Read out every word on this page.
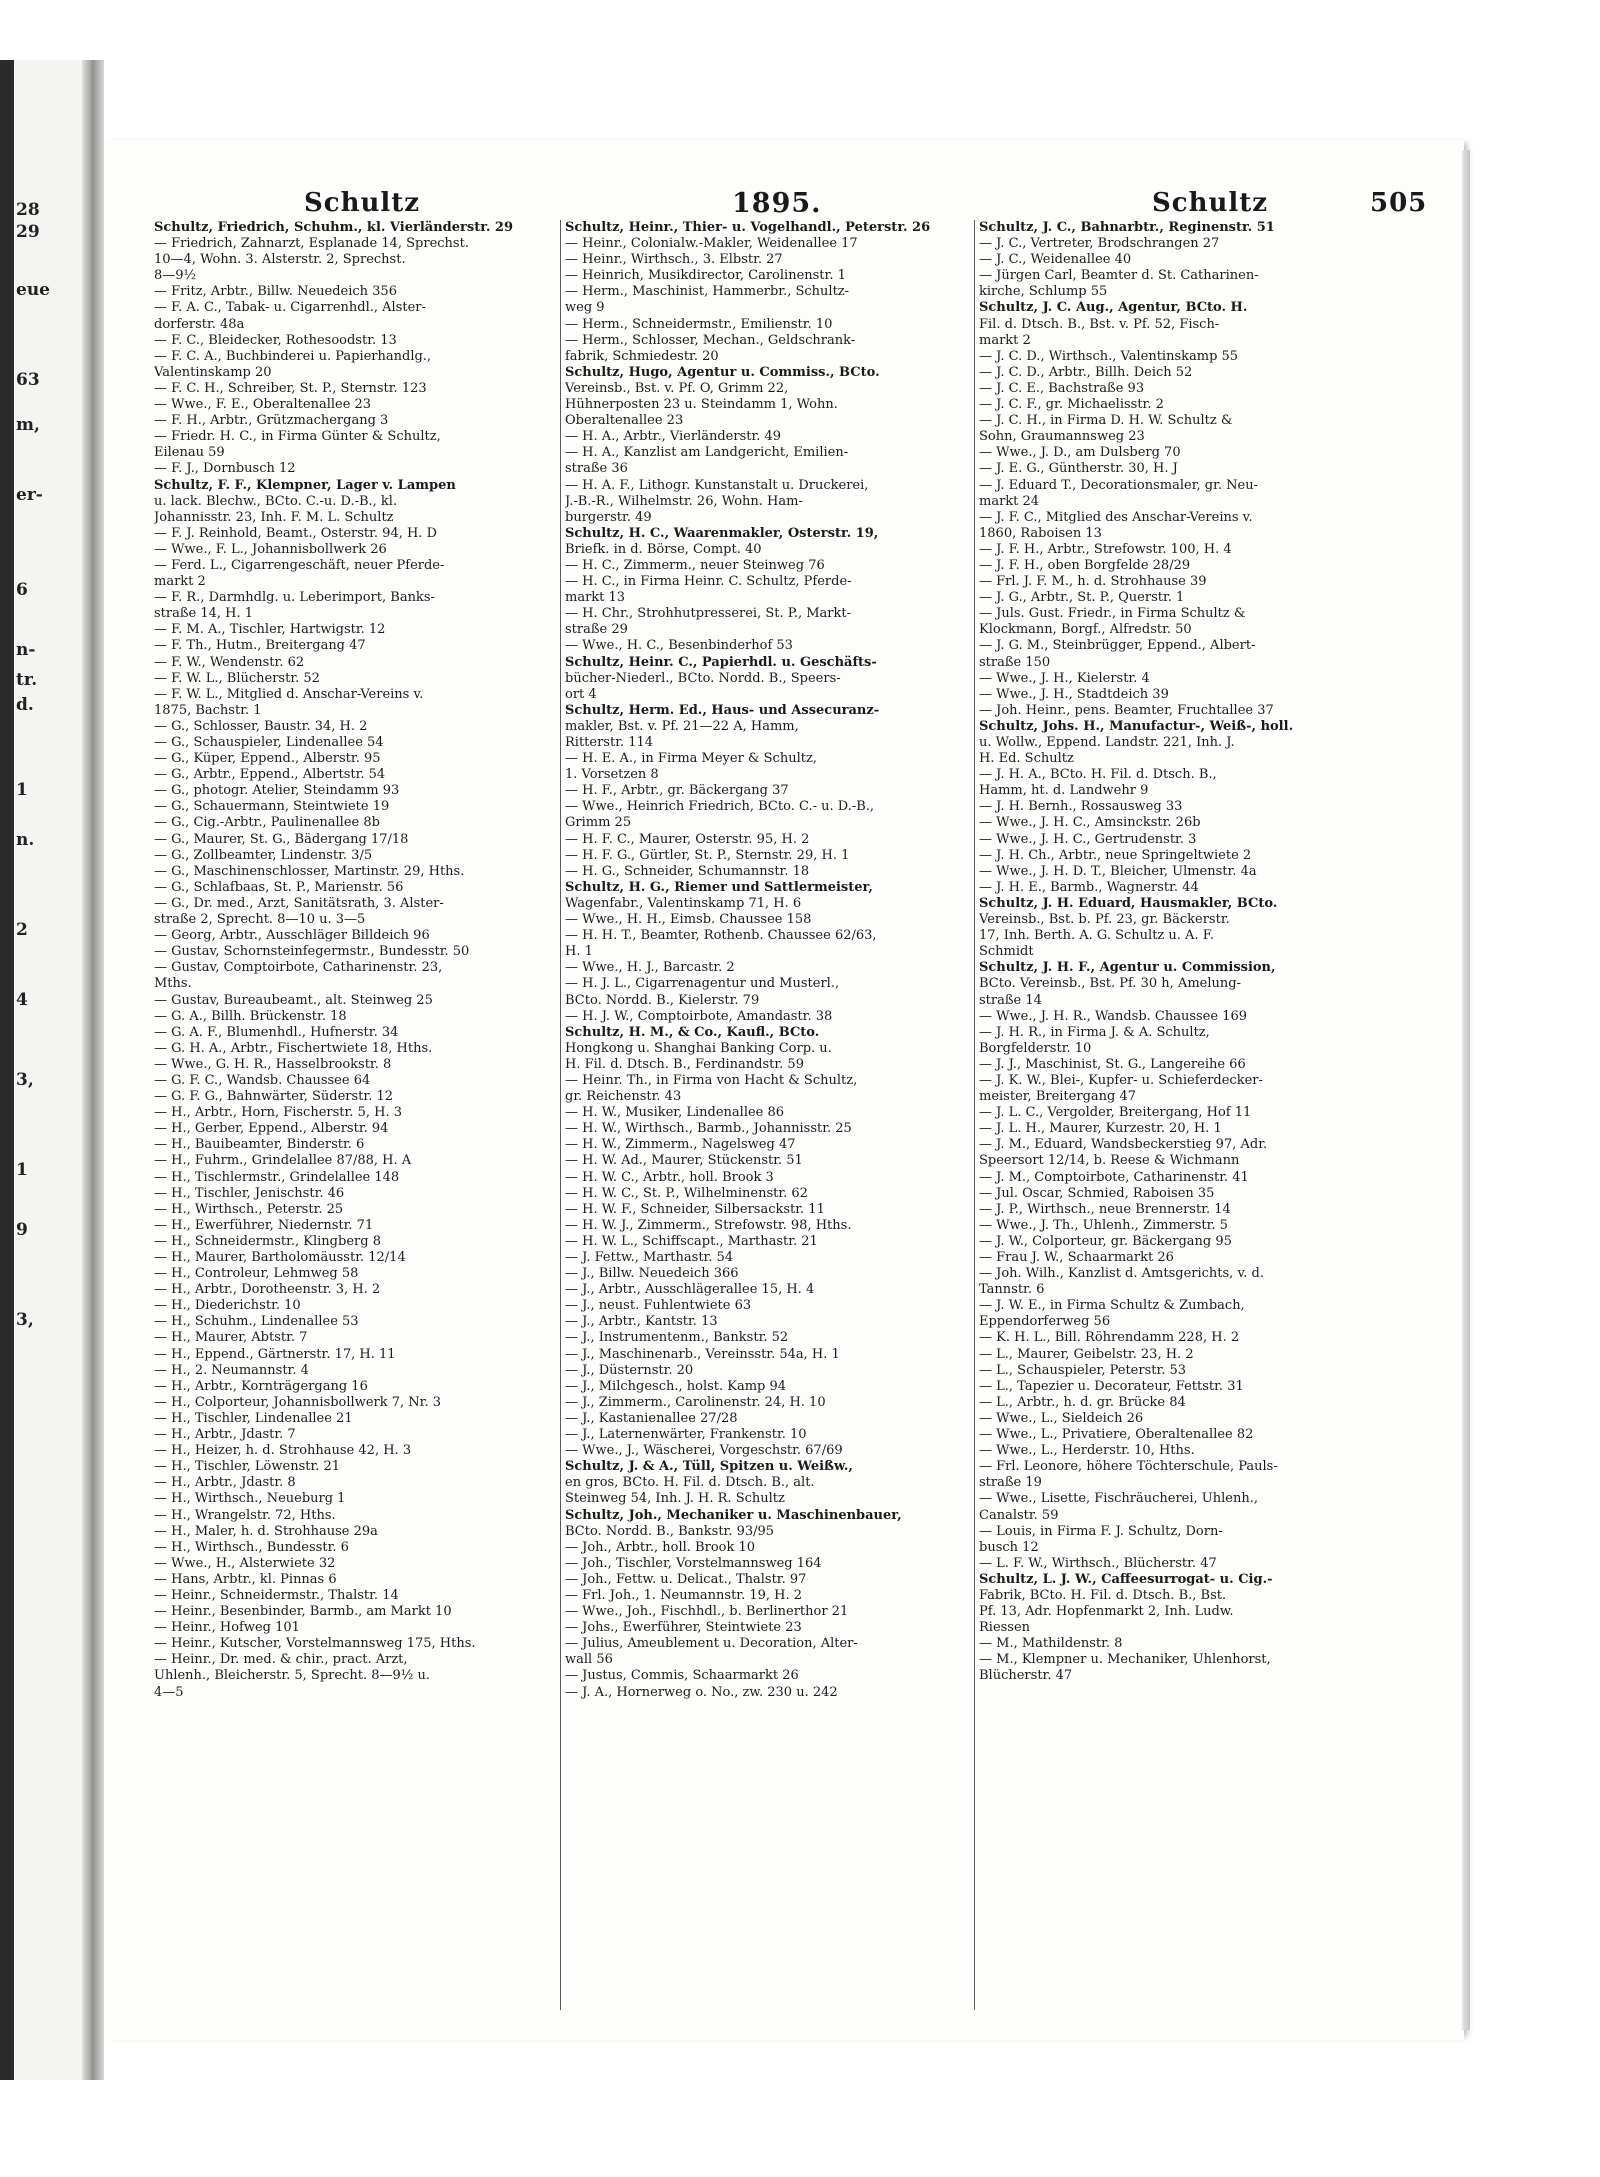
28
29
eue
63
m,
er-
6
n-
tr.
d.
1
n.
2
4
3,
1
9
3,
Schultz	1895.	Schultz	505
Schultz, Friedrich, Schuhm., kl. Vierländerstr. 29
— Friedrich, Zahnarzt, Esplanade 14, Sprechst.
10—4, Wohn. 3. Alsterstr. 2, Sprechst.
8—9½
— Fritz, Arbtr., Billw. Neuedeich 356
— F. A. C., Tabak- u. Cigarrenhdl., Alster-
dorferstr. 48a
— F. C., Bleidecker, Rothesoodstr. 13
— F. C. A., Buchbinderei u. Papierhandlg.,
Valentinskamp 20
— F. C. H., Schreiber, St. P., Sternstr. 123
— Wwe., F. E., Oberaltenallee 23
— F. H., Arbtr., Grützmachergang 3
— Friedr. H. C., in Firma Günter & Schultz,
Eilenau 59
— F. J., Dornbusch 12
Schultz, F. F., Klempner, Lager v. Lampen
u. lack. Blechw., BCto. C.-u. D.-B., kl.
Johannisstr. 23, Inh. F. M. L. Schultz
— F. J. Reinhold, Beamt., Osterstr. 94, H. D
— Wwe., F. L., Johannisbollwerk 26
— Ferd. L., Cigarrengeschäft, neuer Pferde-
markt 2
— F. R., Darmhdlg. u. Leberimport, Banks-
straße 14, H. 1
— F. M. A., Tischler, Hartwigstr. 12
— F. Th., Hutm., Breitergang 47
— F. W., Wendenstr. 62
— F. W. L., Blücherstr. 52
— F. W. L., Mitglied d. Anschar-Vereins v.
1875, Bachstr. 1
— G., Schlosser, Baustr. 34, H. 2
— G., Schauspieler, Lindenallee 54
— G., Küper, Eppend., Alberstr. 95
— G., Arbtr., Eppend., Albertstr. 54
— G., photogr. Atelier, Steindamm 93
— G., Schauermann, Steintwiete 19
— G., Cig.-Arbtr., Paulinenallee 8b
— G., Maurer, St. G., Bädergang 17/18
— G., Zollbeamter, Lindenstr. 3/5
— G., Maschinenschlosser, Martinstr. 29, Hths.
— G., Schlafbaas, St. P., Marienstr. 56
— G., Dr. med., Arzt, Sanitätsrath, 3. Alster-
straße 2, Sprecht. 8—10 u. 3—5
— Georg, Arbtr., Ausschläger Billdeich 96
— Gustav, Schornsteinfegermstr., Bundesstr. 50
— Gustav, Comptoirbote, Catharinenstr. 23,
Mths.
— Gustav, Bureaubeamt., alt. Steinweg 25
— G. A., Billh. Brückenstr. 18
— G. A. F., Blumenhdl., Hufnerstr. 34
— G. H. A., Arbtr., Fischertwiete 18, Hths.
— Wwe., G. H. R., Hasselbrookstr. 8
— G. F. C., Wandsb. Chaussee 64
— G. F. G., Bahnwärter, Süderstr. 12
— H., Arbtr., Horn, Fischerstr. 5, H. 3
— H., Gerber, Eppend., Alberstr. 94
— H., Bauibeamter, Binderstr. 6
— H., Fuhrm., Grindelallee 87/88, H. A
— H., Tischlermstr., Grindelallee 148
— H., Tischler, Jenischstr. 46
— H., Wirthsch., Peterstr. 25
— H., Ewerführer, Niedernstr. 71
— H., Schneidermstr., Klingberg 8
— H., Maurer, Bartholomäusstr. 12/14
— H., Controleur, Lehmweg 58
— H., Arbtr., Dorotheenstr. 3, H. 2
— H., Diederichstr. 10
— H., Schuhm., Lindenallee 53
— H., Maurer, Abtstr. 7
— H., Eppend., Gärtnerstr. 17, H. 11
— H., 2. Neumannstr. 4
— H., Arbtr., Kornträgergang 16
— H., Colporteur, Johannisbollwerk 7, Nr. 3
— H., Tischler, Lindenallee 21
— H., Arbtr., Jdastr. 7
— H., Heizer, h. d. Strohhause 42, H. 3
— H., Tischler, Löwenstr. 21
— H., Arbtr., Jdastr. 8
— H., Wirthsch., Neueburg 1
— H., Wrangelstr. 72, Hths.
— H., Maler, h. d. Strohhause 29a
— H., Wirthsch., Bundesstr. 6
— Wwe., H., Alsterwiete 32
— Hans, Arbtr., kl. Pinnas 6
— Heinr., Schneidermstr., Thalstr. 14
— Heinr., Besenbinder, Barmb., am Markt 10
— Heinr., Hofweg 101
— Heinr., Kutscher, Vorstelmannsweg 175, Hths.
— Heinr., Dr. med. & chir., pract. Arzt,
Uhlenh., Bleicherstr. 5, Sprecht. 8—9½ u.
4—5
Schultz, Heinr., Thier- u. Vogelhandl., Peterstr. 26
— Heinr., Colonialw.-Makler, Weidenallee 17
— Heinr., Wirthsch., 3. Elbstr. 27
— Heinrich, Musikdirector, Carolinenstr. 1
— Herm., Maschinist, Hammerbr., Schultz-
weg 9
— Herm., Schneidermstr., Emilienstr. 10
— Herm., Schlosser, Mechan., Geldschrank-
fabrik, Schmiedestr. 20
Schultz, Hugo, Agentur u. Commiss., BCto.
Vereinsb., Bst. v. Pf. O, Grimm 22,
Hühnerposten 23 u. Steindamm 1, Wohn.
Oberaltenallee 23
— H. A., Arbtr., Vierländerstr. 49
— H. A., Kanzlist am Landgericht, Emilien-
straße 36
— H. A. F., Lithogr. Kunstanstalt u. Druckerei,
J.-B.-R., Wilhelmstr. 26, Wohn. Ham-
burgerstr. 49
Schultz, H. C., Waarenmakler, Osterstr. 19,
Briefk. in d. Börse, Compt. 40
— H. C., Zimmerm., neuer Steinweg 76
— H. C., in Firma Heinr. C. Schultz, Pferde-
markt 13
— H. Chr., Strohhutpresserei, St. P., Markt-
straße 29
— Wwe., H. C., Besenbinderhof 53
Schultz, Heinr. C., Papierhdl. u. Geschäfts-
bücher-Niederl., BCto. Nordd. B., Speers-
ort 4
Schultz, Herm. Ed., Haus- und Assecuranz-
makler, Bst. v. Pf. 21—22 A, Hamm,
Ritterstr. 114
— H. E. A., in Firma Meyer & Schultz,
1. Vorsetzen 8
— H. F., Arbtr., gr. Bäckergang 37
— Wwe., Heinrich Friedrich, BCto. C.- u. D.-B.,
Grimm 25
— H. F. C., Maurer, Osterstr. 95, H. 2
— H. F. G., Gürtler, St. P., Sternstr. 29, H. 1
— H. G., Schneider, Schumannstr. 18
Schultz, H. G., Riemer und Sattlermeister,
Wagenfabr., Valentinskamp 71, H. 6
— Wwe., H. H., Eimsb. Chaussee 158
— H. H. T., Beamter, Rothenb. Chaussee 62/63,
H. 1
— Wwe., H. J., Barcastr. 2
— H. J. L., Cigarrenagentur und Musterl.,
BCto. Nordd. B., Kielerstr. 79
— H. J. W., Comptoirbote, Amandastr. 38
Schultz, H. M., & Co., Kaufl., BCto.
Hongkong u. Shanghai Banking Corp. u.
H. Fil. d. Dtsch. B., Ferdinandstr. 59
— Heinr. Th., in Firma von Hacht & Schultz,
gr. Reichenstr. 43
— H. W., Musiker, Lindenallee 86
— H. W., Wirthsch., Barmb., Johannisstr. 25
— H. W., Zimmerm., Nagelsweg 47
— H. W. Ad., Maurer, Stückenstr. 51
— H. W. C., Arbtr., holl. Brook 3
— H. W. C., St. P., Wilhelminenstr. 62
— H. W. F., Schneider, Silbersackstr. 11
— H. W. J., Zimmerm., Strefowstr. 98, Hths.
— H. W. L., Schiffscapt., Marthastr. 21
— J. Fettw., Marthastr. 54
— J., Billw. Neuedeich 366
— J., Arbtr., Ausschlägerallee 15, H. 4
— J., neust. Fuhlentwiete 63
— J., Arbtr., Kantstr. 13
— J., Instrumentenm., Bankstr. 52
— J., Maschinenarb., Vereinsstr. 54a, H. 1
— J., Düsternstr. 20
— J., Milchgesch., holst. Kamp 94
— J., Zimmerm., Carolinenstr. 24, H. 10
— J., Kastanienallee 27/28
— J., Laternenwärter, Frankenstr. 10
— Wwe., J., Wäscherei, Vorgeschstr. 67/69
Schultz, J. & A., Tüll, Spitzen u. Weißw.,
en gros, BCto. H. Fil. d. Dtsch. B., alt.
Steinweg 54, Inh. J. H. R. Schultz
Schultz, Joh., Mechaniker u. Maschinenbauer,
BCto. Nordd. B., Bankstr. 93/95
— Joh., Arbtr., holl. Brook 10
— Joh., Tischler, Vorstelmannsweg 164
— Joh., Fettw. u. Delicat., Thalstr. 97
— Frl. Joh., 1. Neumannstr. 19, H. 2
— Wwe., Joh., Fischhdl., b. Berlinerthor 21
— Johs., Ewerführer, Steintwiete 23
— Julius, Ameublement u. Decoration, Alter-
wall 56
— Justus, Commis, Schaarmarkt 26
— J. A., Hornerweg o. No., zw. 230 u. 242
Schultz, J. C., Bahnarbtr., Reginenstr. 51
— J. C., Vertreter, Brodschrangen 27
— J. C., Weidenallee 40
— Jürgen Carl, Beamter d. St. Catharinen-
kirche, Schlump 55
Schultz, J. C. Aug., Agentur, BCto. H.
Fil. d. Dtsch. B., Bst. v. Pf. 52, Fisch-
markt 2
— J. C. D., Wirthsch., Valentinskamp 55
— J. C. D., Arbtr., Billh. Deich 52
— J. C. E., Bachstraße 93
— J. C. F., gr. Michaelisstr. 2
— J. C. H., in Firma D. H. W. Schultz &
Sohn, Graumannsweg 23
— Wwe., J. D., am Dulsberg 70
— J. E. G., Güntherstr. 30, H. J
— J. Eduard T., Decorationsmaler, gr. Neu-
markt 24
— J. F. C., Mitglied des Anschar-Vereins v.
1860, Raboisen 13
— J. F. H., Arbtr., Strefowstr. 100, H. 4
— J. F. H., oben Borgfelde 28/29
— Frl. J. F. M., h. d. Strohhause 39
— J. G., Arbtr., St. P., Querstr. 1
— Juls. Gust. Friedr., in Firma Schultz &
Klockmann, Borgf., Alfredstr. 50
— J. G. M., Steinbrügger, Eppend., Albert-
straße 150
— Wwe., J. H., Kielerstr. 4
— Wwe., J. H., Stadtdeich 39
— Joh. Heinr., pens. Beamter, Fruchtallee 37
Schultz, Johs. H., Manufactur-, Weiß-, holl.
u. Wollw., Eppend. Landstr. 221, Inh. J.
H. Ed. Schultz
— J. H. A., BCto. H. Fil. d. Dtsch. B.,
Hamm, ht. d. Landwehr 9
— J. H. Bernh., Rossausweg 33
— Wwe., J. H. C., Amsinckstr. 26b
— Wwe., J. H. C., Gertrudenstr. 3
— J. H. Ch., Arbtr., neue Springeltwiete 2
— Wwe., J. H. D. T., Bleicher, Ulmenstr. 4a
— J. H. E., Barmb., Wagnerstr. 44
Schultz, J. H. Eduard, Hausmakler, BCto.
Vereinsb., Bst. b. Pf. 23, gr. Bäckerstr.
17, Inh. Berth. A. G. Schultz u. A. F.
Schmidt
Schultz, J. H. F., Agentur u. Commission,
BCto. Vereinsb., Bst. Pf. 30 h, Amelung-
straße 14
— Wwe., J. H. R., Wandsb. Chaussee 169
— J. H. R., in Firma J. & A. Schultz,
Borgfelderstr. 10
— J. J., Maschinist, St. G., Langereihe 66
— J. K. W., Blei-, Kupfer- u. Schieferdecker-
meister, Breitergang 47
— J. L. C., Vergolder, Breitergang, Hof 11
— J. L. H., Maurer, Kurzestr. 20, H. 1
— J. M., Eduard, Wandsbeckerstieg 97, Adr.
Speersort 12/14, b. Reese & Wichmann
— J. M., Comptoirbote, Catharinenstr. 41
— Jul. Oscar, Schmied, Raboisen 35
— J. P., Wirthsch., neue Brennerstr. 14
— Wwe., J. Th., Uhlenh., Zimmerstr. 5
— J. W., Colporteur, gr. Bäckergang 95
— Frau J. W., Schaarmarkt 26
— Joh. Wilh., Kanzlist d. Amtsgerichts, v. d.
Tannstr. 6
— J. W. E., in Firma Schultz & Zumbach,
Eppendorferweg 56
— K. H. L., Bill. Röhrendamm 228, H. 2
— L., Maurer, Geibelstr. 23, H. 2
— L., Schauspieler, Peterstr. 53
— L., Tapezier u. Decorateur, Fettstr. 31
— L., Arbtr., h. d. gr. Brücke 84
— Wwe., L., Sieldeich 26
— Wwe., L., Privatiere, Oberaltenallee 82
— Wwe., L., Herderstr. 10, Hths.
— Frl. Leonore, höhere Töchterschule, Pauls-
straße 19
— Wwe., Lisette, Fischräucherei, Uhlenh.,
Canalstr. 59
— Louis, in Firma F. J. Schultz, Dorn-
busch 12
— L. F. W., Wirthsch., Blücherstr. 47
Schultz, L. J. W., Caffeesurrogat- u. Cig.-
Fabrik, BCto. H. Fil. d. Dtsch. B., Bst.
Pf. 13, Adr. Hopfenmarkt 2, Inh. Ludw.
Riessen
— M., Mathildenstr. 8
— M., Klempner u. Mechaniker, Uhlenhorst,
Blücherstr. 47
